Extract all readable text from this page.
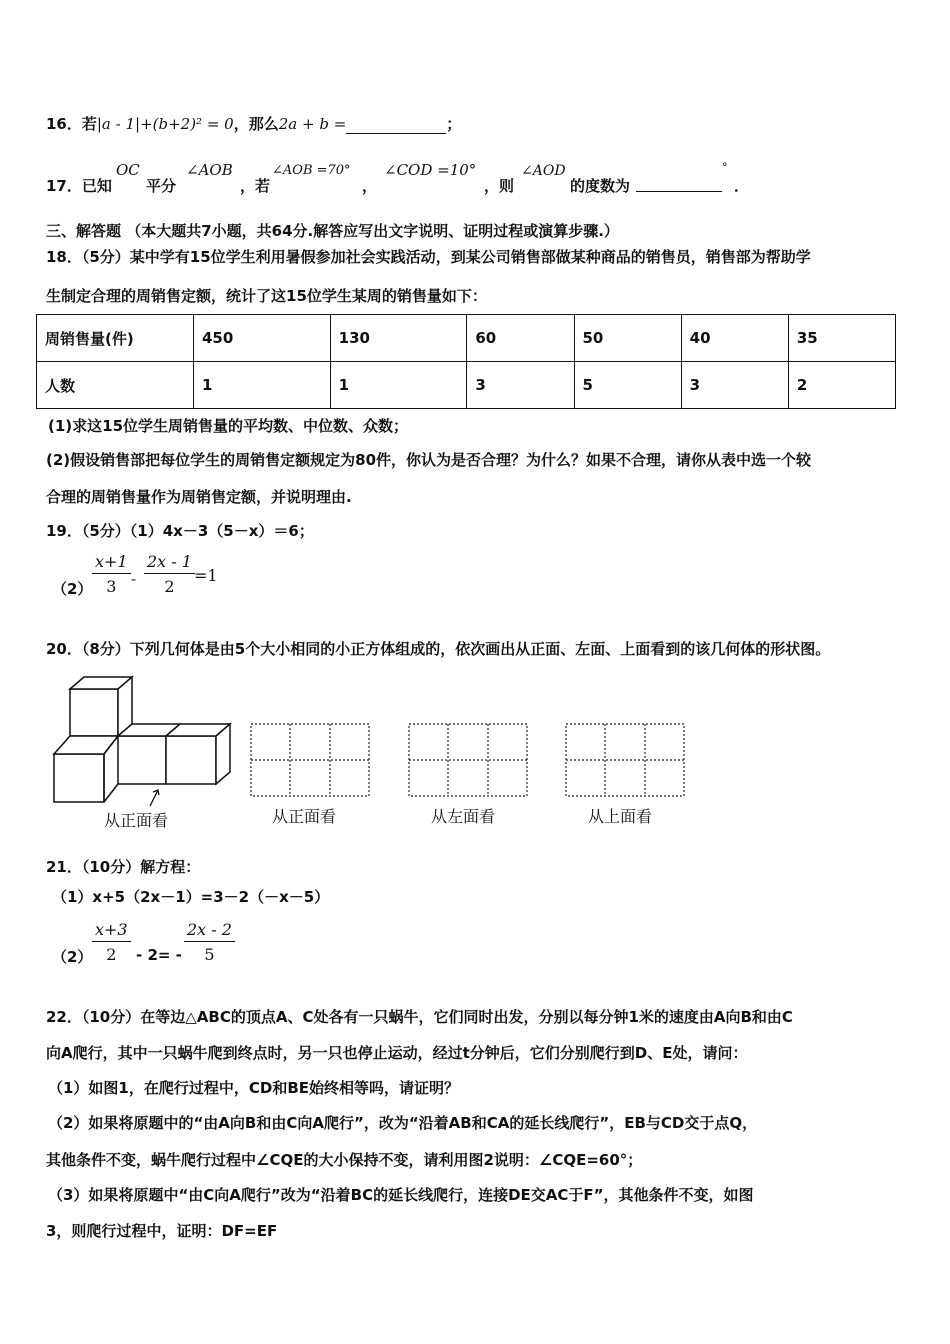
16．若|a - 1|+(b+2)² = 0，那么2a + b =	；
17．已知
OC
平分
∠AOB
，若
∠AOB =70°
，
∠COD =10°
，则
∠AOD
的度数为
°
．
三、解答题 （本大题共7小题，共64分.解答应写出文字说明、证明过程或演算步骤.）
18．（5分）某中学有15位学生利用暑假参加社会实践活动，到某公司销售部做某种商品的销售员，销售部为帮助学
生制定合理的周销售定额，统计了这15位学生某周的销售量如下：
周销售量(件)	450	130	60	50	40	35
人数	1	1	3	5	3	2
(1)求这15位学生周销售量的平均数、中位数、众数；
(2)假设销售部把每位学生的周销售定额规定为80件，你认为是否合理？为什么？如果不合理，请你从表中选一个较
合理的周销售量作为周销售定额，并说明理由.
19．（5分）（1）4x－3（5－x）＝6；
$(2) \frac{x+1}{3} - \frac{2x - 1}{2} =1$
20．（8分）下列几何体是由5个大小相同的小正方体组成的，依次画出从正面、左面、上面看到的该几何体的形状图。
从正面看	从正面看	从左面看	从上面看
21．（10分）解方程：
（1）x+5（2x－1）=3－2（－x－5）
$(2) \frac{x+3}{2} - 2= - \frac{2x - 2}{5}$
22．（10分）在等边△ABC的顶点A、C处各有一只蜗牛，它们同时出发，分别以每分钟1米的速度由A向B和由C
向A爬行，其中一只蜗牛爬到终点时，另一只也停止运动，经过t分钟后，它们分别爬行到D、E处，请问：
（1）如图1，在爬行过程中，CD和BE始终相等吗，请证明？
（2）如果将原题中的“由A向B和由C向A爬行”，改为“沿着AB和CA的延长线爬行”，EB与CD交于点Q，
其他条件不变，蜗牛爬行过程中∠CQE的大小保持不变，请利用图2说明：∠CQE=60°；
（3）如果将原题中“由C向A爬行”改为“沿着BC的延长线爬行，连接DE交AC于F”，其他条件不变，如图
3，则爬行过程中，证明：DF=EF
